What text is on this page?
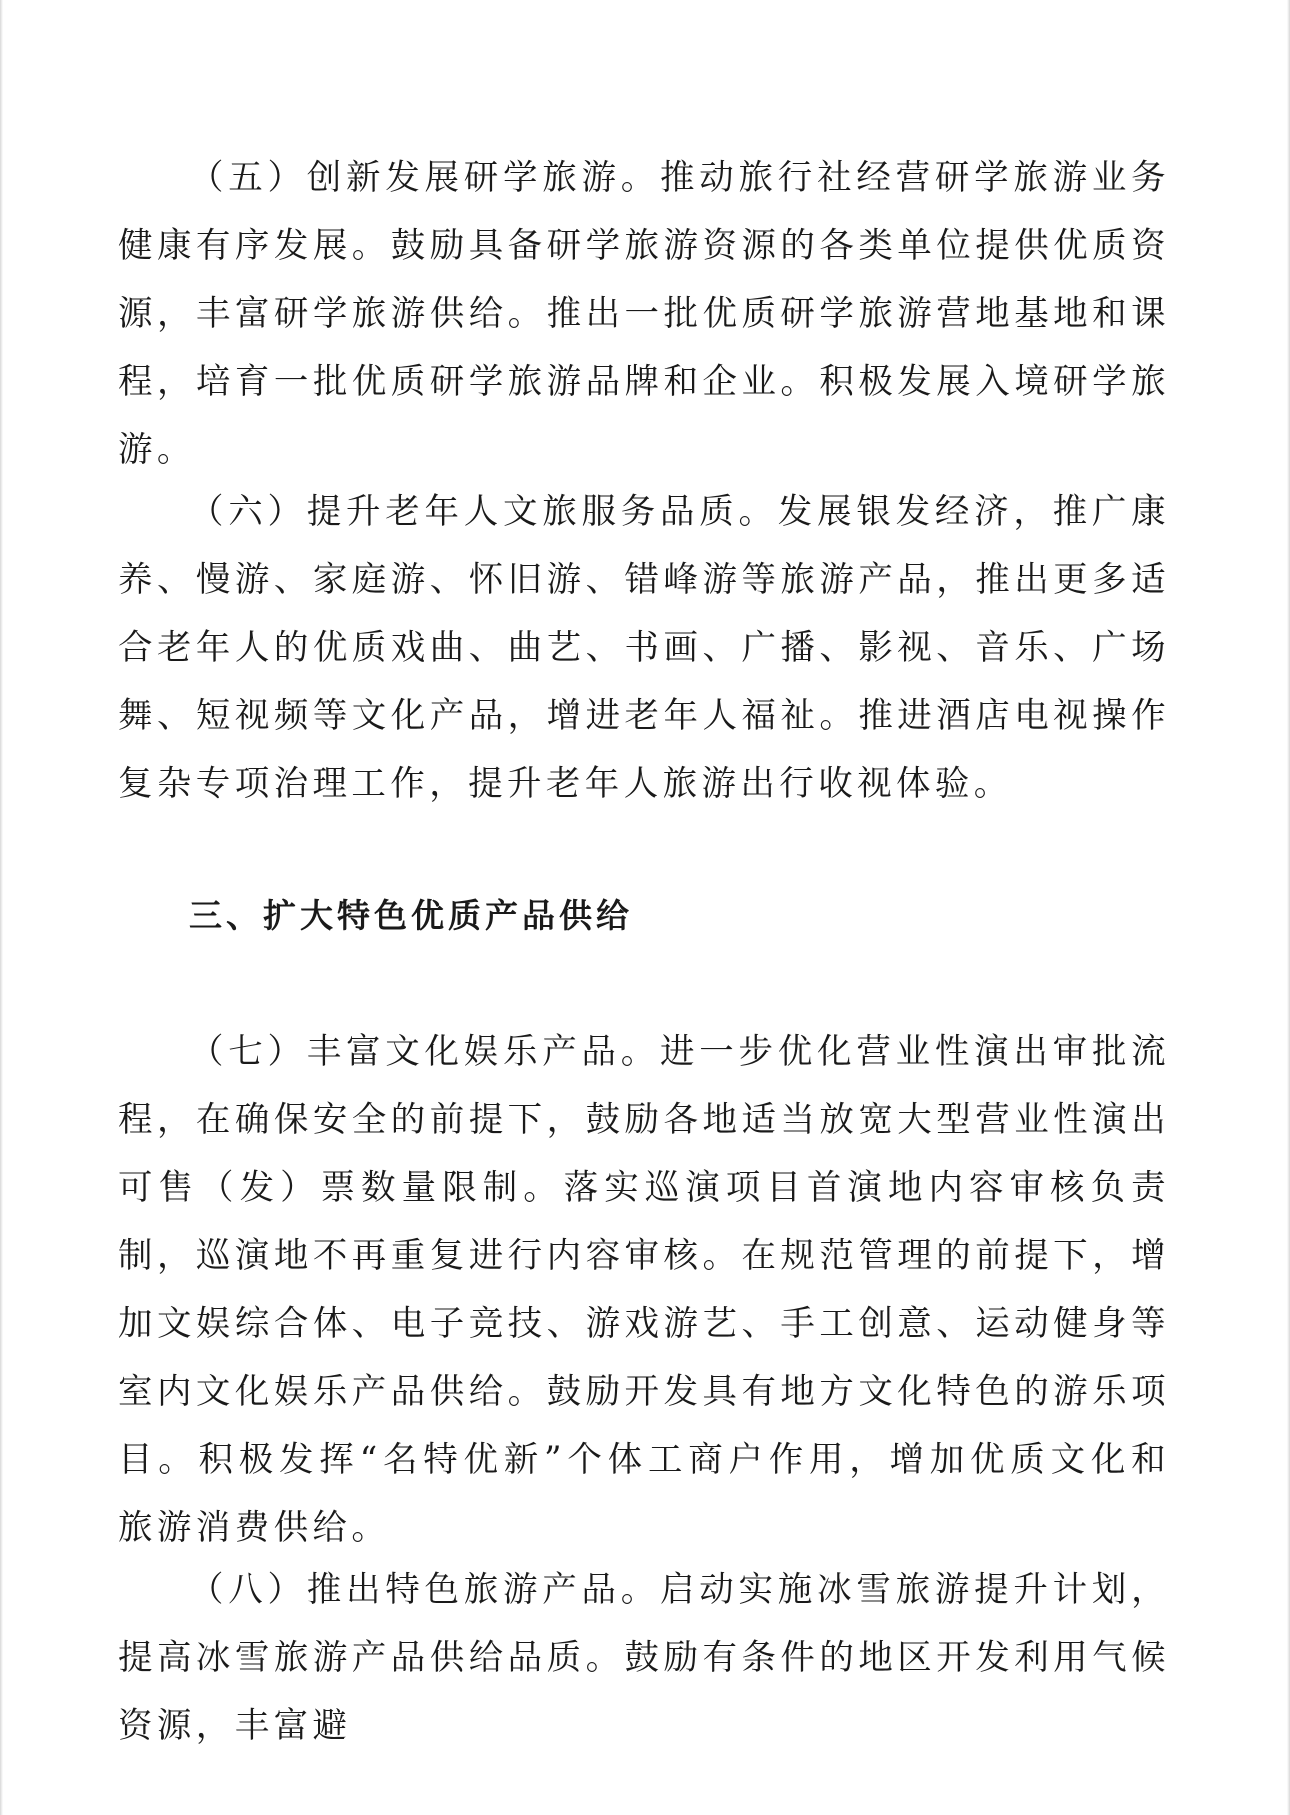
（五）创新发展研学旅游。推动旅行社经营研学旅游业务健康有序发展。鼓励具备研学旅游资源的各类单位提供优质资源，丰富研学旅游供给。推出一批优质研学旅游营地基地和课程，培育一批优质研学旅游品牌和企业。积极发展入境研学旅游。

（六）提升老年人文旅服务品质。发展银发经济，推广康养、慢游、家庭游、怀旧游、错峰游等旅游产品，推出更多适合老年人的优质戏曲、曲艺、书画、广播、影视、音乐、广场舞、短视频等文化产品，增进老年人福祉。推进酒店电视操作复杂专项治理工作，提升老年人旅游出行收视体验。

三、扩大特色优质产品供给

（七）丰富文化娱乐产品。进一步优化营业性演出审批流程，在确保安全的前提下，鼓励各地适当放宽大型营业性演出可售（发）票数量限制。落实巡演项目首演地内容审核负责制，巡演地不再重复进行内容审核。在规范管理的前提下，增加文娱综合体、电子竞技、游戏游艺、手工创意、运动健身等室内文化娱乐产品供给。鼓励开发具有地方文化特色的游乐项目。积极发挥“名特优新”个体工商户作用，增加优质文化和旅游消费供给。

（八）推出特色旅游产品。启动实施冰雪旅游提升计划，提高冰雪旅游产品供给品质。鼓励有条件的地区开发利用气候资源，丰富避
